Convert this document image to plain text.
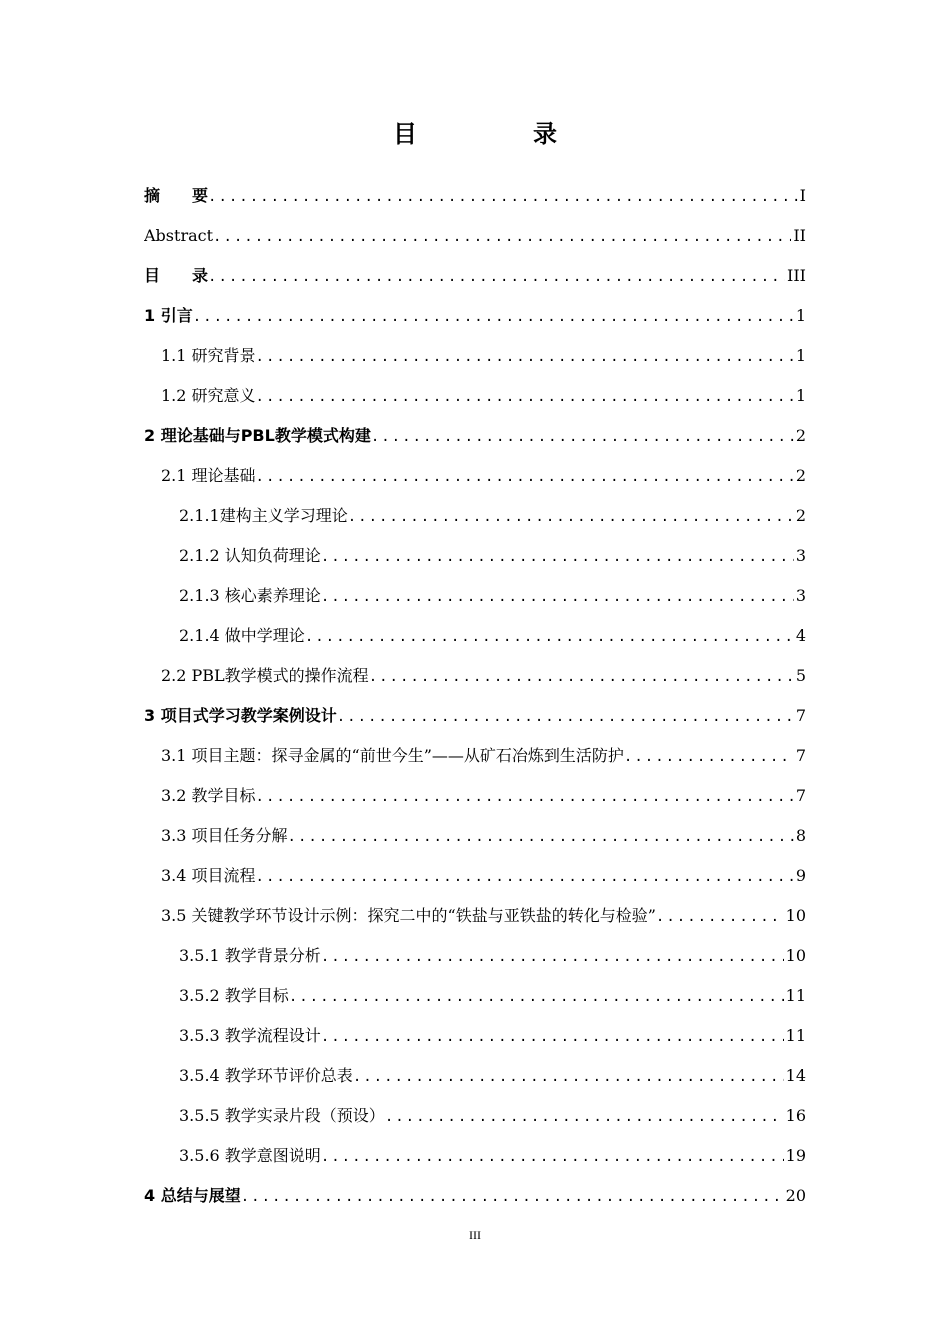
目　录
摘　　要 .....	I
Abstract .....	II
目　　录 .....	III
1 引言 .....	1
1.1 研究背景 .....	1
1.2 研究意义 .....	1
2 理论基础与PBL教学模式构建 .....	2
2.1 理论基础 .....	2
2.1.1建构主义学习理论 .....	2
2.1.2 认知负荷理论 .....	3
2.1.3 核心素养理论 .....	3
2.1.4 做中学理论 .....	4
2.2 PBL教学模式的操作流程 .....	5
3 项目式学习教学案例设计 .....	7
3.1 项目主题：探寻金属的“前世今生”——从矿石冶炼到生活防护 .....	7
3.2 教学目标 .....	7
3.3 项目任务分解 .....	8
3.4 项目流程 .....	9
3.5 关键教学环节设计示例：探究二中的“铁盐与亚铁盐的转化与检验” .....	10
3.5.1 教学背景分析 .....	10
3.5.2 教学目标 .....	11
3.5.3 教学流程设计 .....	11
3.5.4 教学环节评价总表 .....	14
3.5.5 教学实录片段（预设） .....	16
3.5.6 教学意图说明 .....	19
4 总结与展望 .....	20
III
